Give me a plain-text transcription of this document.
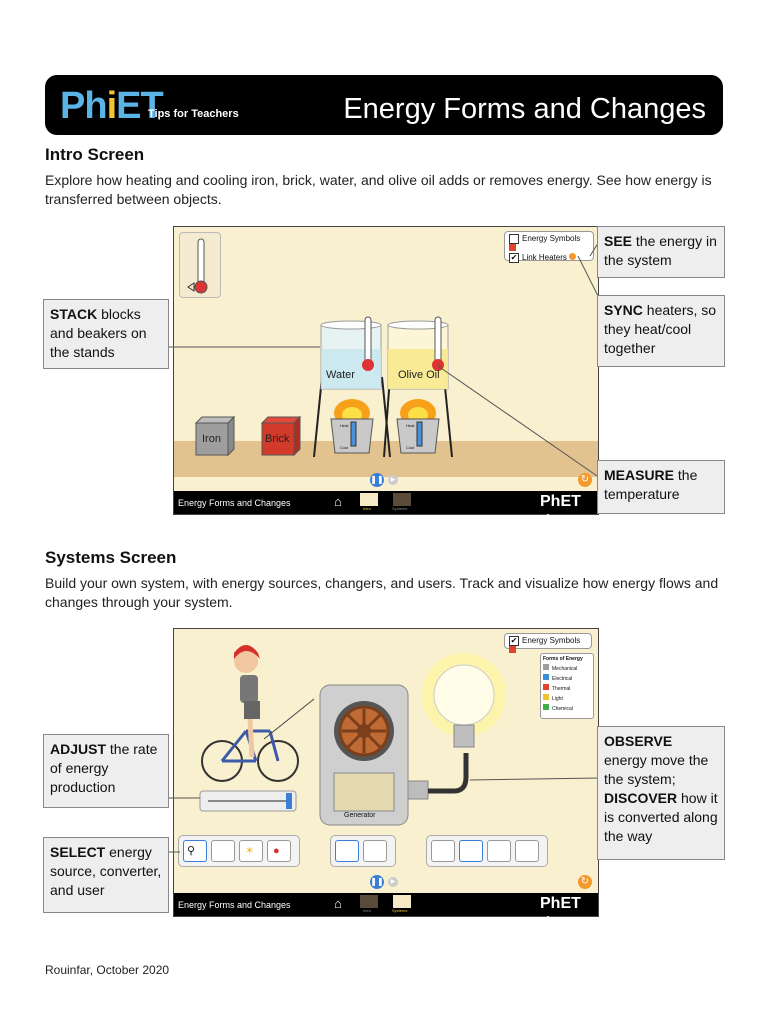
PhiET
Tips for Teachers	Energy Forms and Changes
Intro Screen
Explore how heating and cooling iron, brick, water, and olive oil adds or removes energy. See how energy is transferred between objects.
Energy Symbols
✔ Link Heaters
Water	Olive Oil
Iron	Brick
Heat
Cool
Heat
Cool
❚❚	▶	↻
Energy Forms and Changes	⌂	Intro	Systems	PhET ⋮
STACK blocks and beakers on the stands
SEE the energy in the system
SYNC heaters, so they heat/cool together
MEASURE the temperature
Systems Screen
Build your own system, with energy sources, changers, and users. Track and visualize how energy flows and changes through your system.
✔ Energy Symbols
Forms of Energy
Mechanical
Electrical
Thermal
Light
Chemical
Generator
⚲	✶	●
❚❚	▶	↻
Energy Forms and Changes	⌂	Intro	Systems	PhET ⋮
ADJUST the rate of energy production
SELECT energy source, converter, and user
OBSERVE energy move the the system;
DISCOVER how it is converted along the way
Rouinfar, October 2020
